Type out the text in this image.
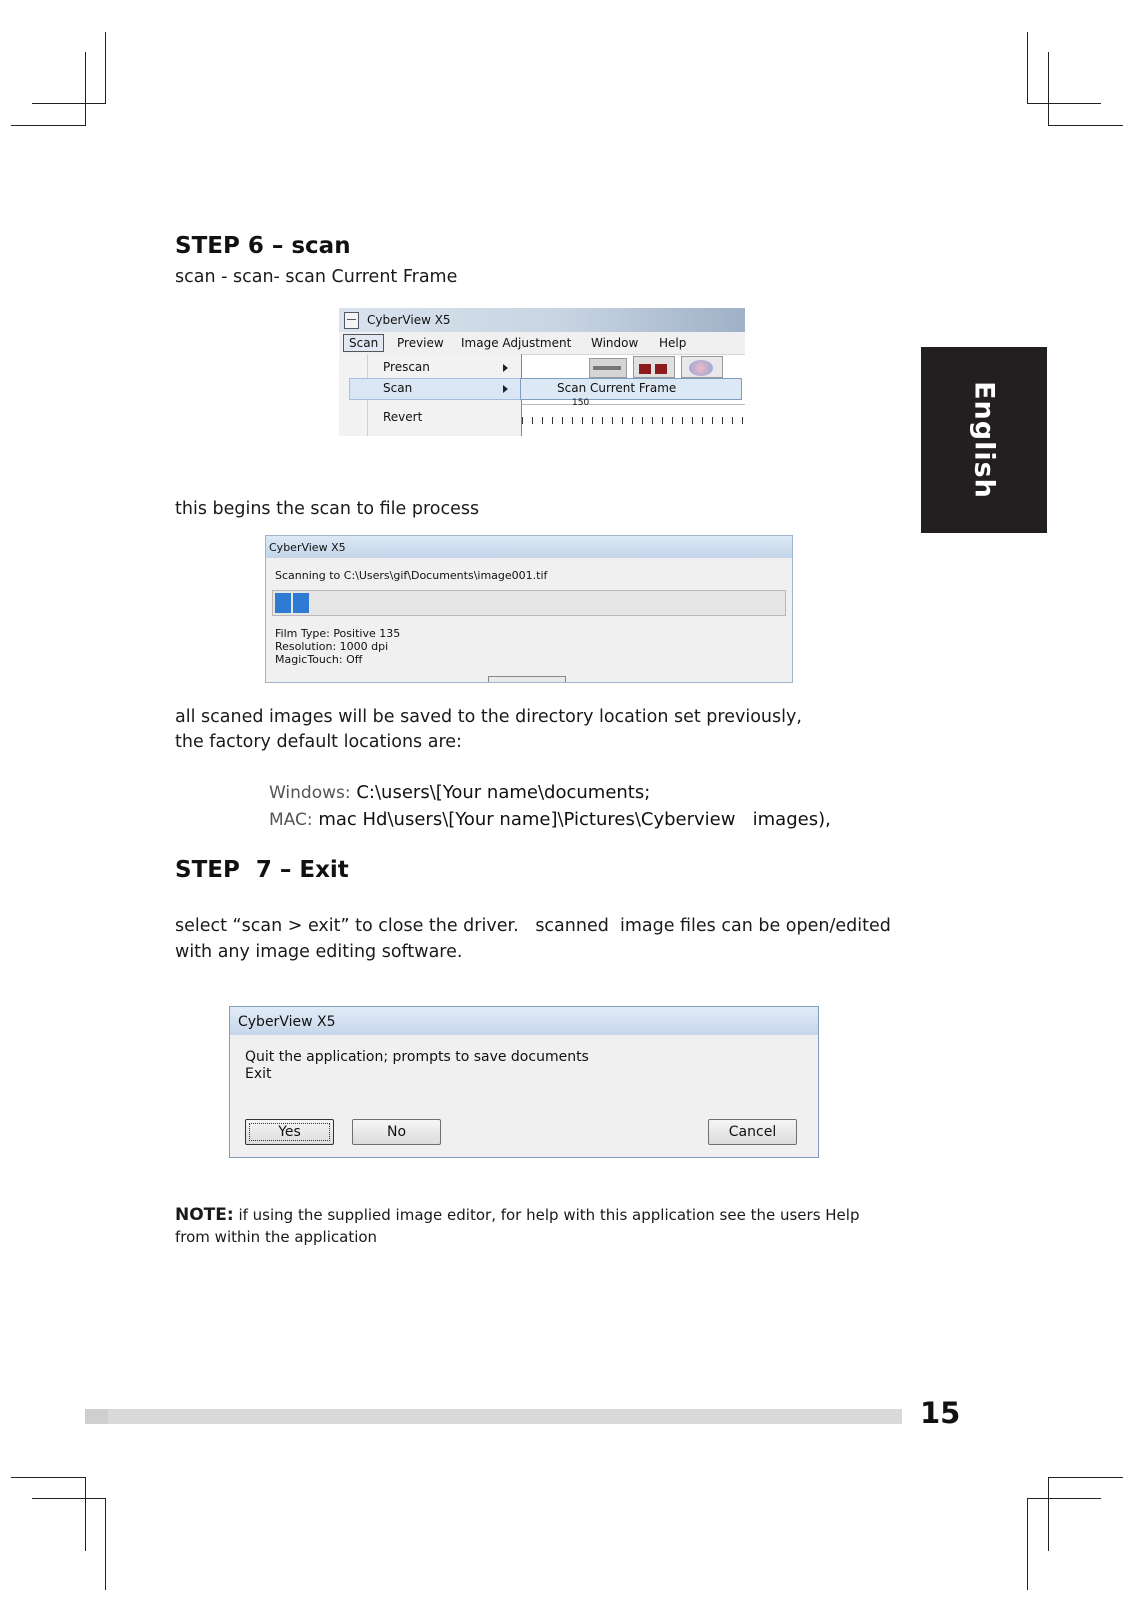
English
STEP 6 – scan

scan - scan- scan Current Frame

CyberView X5
Scan	Preview Image Adjustment Window Help
Prescan
Scan
Revert
Scan Current Frame
150

this begins the scan to file process

CyberView X5
Scanning to C:\Users\gif\Documents\image001.tif
Film Type: Positive 135
Resolution: 1000 dpi
MagicTouch: Off

all scaned images will be saved to the directory location set previously,

the factory default locations are:

Windows: C:\users\[Your name\documents;
MAC: mac Hd\users\[Your name]\Pictures\Cyberview   images),
STEP  7 – Exit

select “scan > exit” to close the driver.   scanned  image files can be open/edited

with any image editing software.

CyberView X5
Quit the application; prompts to save documents
Exit
Yes	No	Cancel

NOTE: if using the supplied image editor, for help with this application see the users Help
from within the application

15
